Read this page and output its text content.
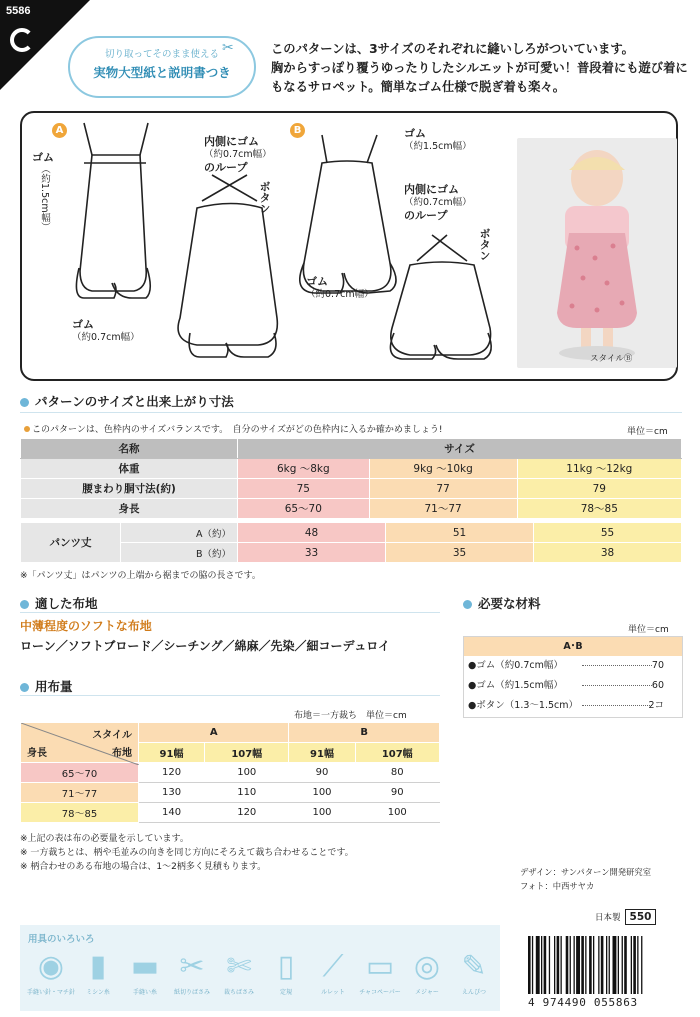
5586
切り取ってそのまま使える
実物大型紙と説明書つき
✂	このパターンは、3サイズのそれぞれに縫いしろがついています。
胸からすっぽり覆うゆったりしたシルエットが可愛い！普段着にも遊び着にもなるサロペット。簡単なゴム仕様で脱ぎ着も楽々。
A	B
ゴム
（約1.5cm幅）
内側にゴム
（約0.7cm幅）
のループ
ボタン
ゴム
（約0.7cm幅）
ゴム
（約1.5cm幅）
内側にゴム
（約0.7cm幅）
のループ
ボタン
ゴム
（約0.7cm幅）
スタイルⒷ
パターンのサイズと出来上がり寸法
このパターンは、色枠内のサイズバランスです。　自分のサイズがどの色枠内に入るか確かめましょう!	単位＝cm
名称	サイズ		
体重	6kg ～8kg	9kg ～10kg	11kg ～12kg
腰まわり胴寸法(約)	75	77	79
身長	65～70	71～77	78～85
パンツ丈	A（約）	48	51	55
	B（約）	33	35	38
※「パンツ丈」はパンツの上端から裾までの脇の長さです。
適した布地
中薄程度のソフトな布地
ローン／ソフトブロード／シーチング／綿麻／先染／細コーデュロイ
必要な材料
単位＝cm
A･B
●ゴム（約0.7cm幅）	70
●ゴム（約1.5cm幅）	60
●ボタン（1.3～1.5cm）	2コ
用布量
布地＝一方裁ち　単位＝cm
スタイル
身長 布地	A		B	
	91幅	107幅	91幅	107幅
65～70	120	100	90	80
71～77	130	110	100	90
78～85	140	120	100	100
※上記の表は布の必要量を示しています。
※ 一方裁ちとは、柄や毛並みの向きを同じ方向にそろえて裁ち合わせることです。
※ 柄合わせのある布地の場合は、1～2柄多く見積もります。	デザイン：サンパターン開発研究室
フォト：中西サヤカ
日本製 550
用具のいろいろ
◉
手縫い針・マチ針
▮
ミシン糸
▬
手縫い糸
✂
紙切りばさみ
✄
裁ちばさみ
▯
定規
⟋
ルレット
▭
チャコペーパー
◎
メジャー
✎
えんぴつ
4 974490 055863
